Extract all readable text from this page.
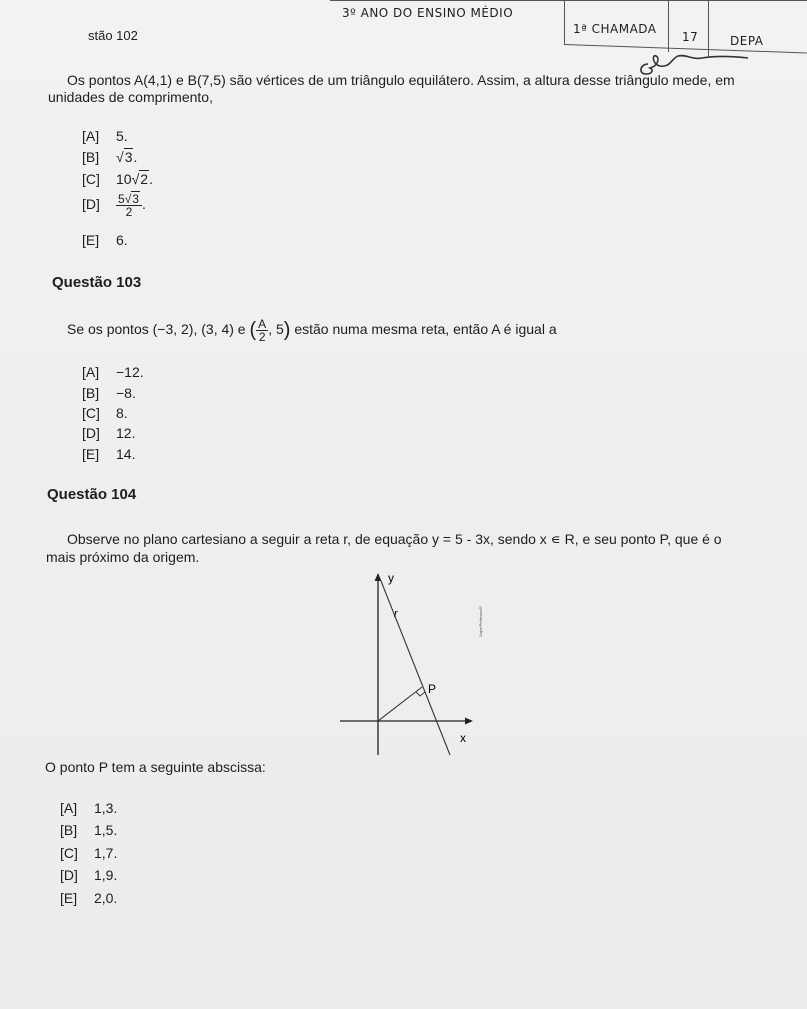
3º ANO DO ENSINO MÉDIO
1ª CHAMADA
17	DEPA
stão 102
Os pontos A(4,1) e B(7,5) são vértices de um triângulo equilátero. Assim, a altura desse triângulo mede, em
unidades de comprimento,
[A] 5.
[B] √3.
[C] 10√2.
$[D] \frac{5√3}{2}$ .
[E] 6.
Questão 103
Se os pontos (−3, 2), (3, 4) e ( $\frac{A}{2}$ , 5) estão numa mesma reta, então A é igual a
[A] −12.
[B] −8.
[C] 8.
[D] 12.
[E] 14.
Questão 104
Observe no plano cartesiano a seguir a reta r, de equação y = 5 - 3x, sendo x ∊ R, e seu ponto P, que é o
mais próximo da origem.
y
x
r
P
SuperProfessor®
O ponto P tem a seguinte abscissa:
[A] 1,3.
[B] 1,5.
[C] 1,7.
[D] 1,9.
[E] 2,0.
